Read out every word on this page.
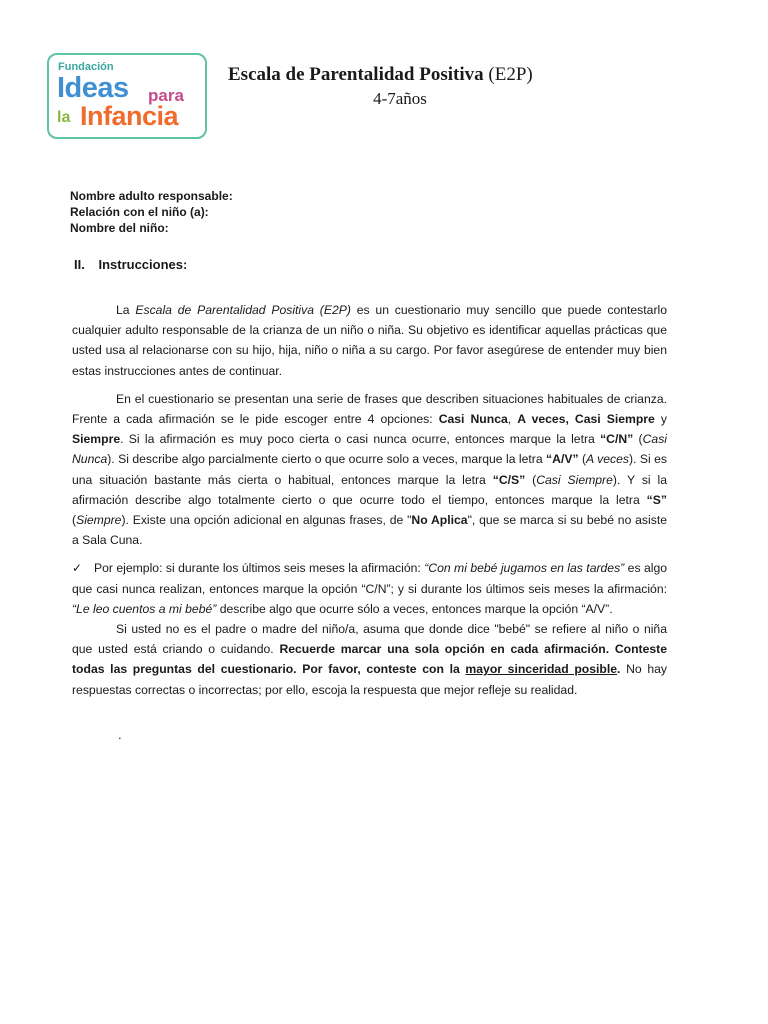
Fundación
Ideas para
la Infancia
Escala de Parentalidad Positiva (E2P)
4-7años
Nombre adulto responsable:
Relación con el niño (a):
Nombre del niño:
II. Instrucciones:

La Escala de Parentalidad Positiva (E2P) es un cuestionario muy sencillo que puede contestarlo cualquier adulto responsable de la crianza de un niño o niña. Su objetivo es identificar aquellas prácticas que usted usa al relacionarse con su hijo, hija, niño o niña a su cargo. Por favor asegúrese de entender muy bien estas instrucciones antes de continuar.

En el cuestionario se presentan una serie de frases que describen situaciones habituales de crianza. Frente a cada afirmación se le pide escoger entre 4 opciones: Casi Nunca, A veces, Casi Siempre y Siempre. Si la afirmación es muy poco cierta o casi nunca ocurre, entonces marque la letra “C/N” (Casi Nunca). Si describe algo parcialmente cierto o que ocurre solo a veces, marque la letra “A/V” (A veces). Si es una situación bastante más cierta o habitual, entonces marque la letra “C/S” (Casi Siempre). Y si la afirmación describe algo totalmente cierto o que ocurre todo el tiempo, entonces marque la letra “S” (Siempre). Existe una opción adicional en algunas frases, de "No Aplica", que se marca si su bebé no asiste a Sala Cuna.

✓ Por ejemplo: si durante los últimos seis meses la afirmación: “Con mi bebé jugamos en las tardes” es algo que casi nunca realizan, entonces marque la opción “C/N”; y si durante los últimos seis meses la afirmación: “Le leo cuentos a mi bebé” describe algo que ocurre sólo a veces, entonces marque la opción “A/V”.

Si usted no es el padre o madre del niño/a, asuma que donde dice "bebé" se refiere al niño o niña que usted está criando o cuidando. Recuerde marcar una sola opción en cada afirmación. Conteste todas las preguntas del cuestionario. Por favor, conteste con la mayor sinceridad posible. No hay respuestas correctas o incorrectas; por ello, escoja la respuesta que mejor refleje su realidad.

.
